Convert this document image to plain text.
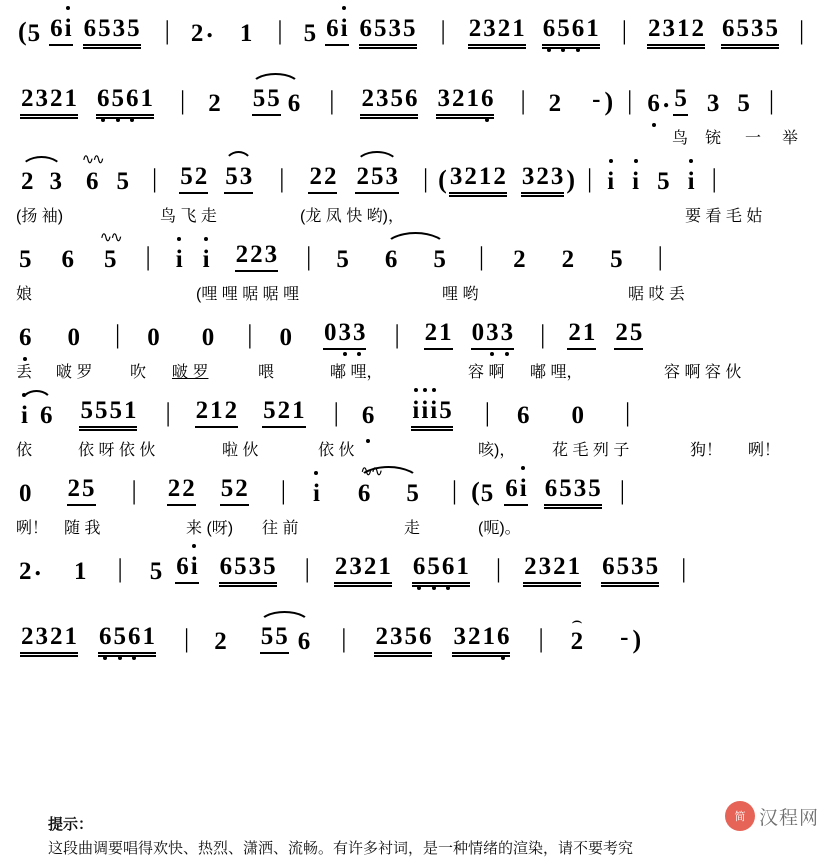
( 5 6 i 6 5 3 5 | 2 . 1 | 5 6 i 6 5 3 5 | 2 3 2 1 6 5 6 1 | 2 3 1 2 6 5 3 5 |
2 3 2 1 6 5 6 1	| 2 5 5 6	|	2 3 5 6 3 2 1 6	| 2 - ) | 6 . 5 3 5 |
鸟 铳 一 举
2 3
∿∿
6 5 | 5 2 5 3	|	2 2 2 5 3 | ( 3 2 1 2 3 2 3 ) | i i 5 i |
(扬 袖)	鸟 飞 走	(龙 凤 快 哟)，	要 看 毛 姑
5 6
∿∿
5	|	i i 2 2 3	|	5 6 5	|	2 2 5	|
娘	(哩 哩 啹 啹 哩	哩 哟	啹 哎 丢
6 0	|	0 0	|	0 0 3 3	|	2 1 0 3 3	| 2 1 2 5
丢 啵 罗 吹 啵 罗	喂	嘟 哩，	容 啊 嘟 哩，	容 啊 容 伙
i 6 5 5 5 1	|	2 1 2 5 2 1	| 6 i i i 5	|	6 0	|
依	依 呀 依 伙	啦 伙	依 伙	咳)， 花 毛 列 子	狗！ 咧！
0 2 5	|	2 2 5 2	|	i
∿∿
6 5	| ( 5 6 i 6 5 3 5 |
咧！ 随 我	来 (呀) 往 前	走	(呃)。
2 . 1	|	5 6 i 6 5 3 5	|	2 3 2 1 6 5 6 1	| 2 3 2 1 6 5 3 5 |
2 3 2 1 6 5 6 1	|	2 5 5 6	|	2 3 5 6 3 2 1 6	|
⌢
2 - )
提示：
这段曲调要唱得欢快、热烈、潇洒、流畅。有许多衬词，是一种情绪的渲染，请不要考究
简 汉程网
